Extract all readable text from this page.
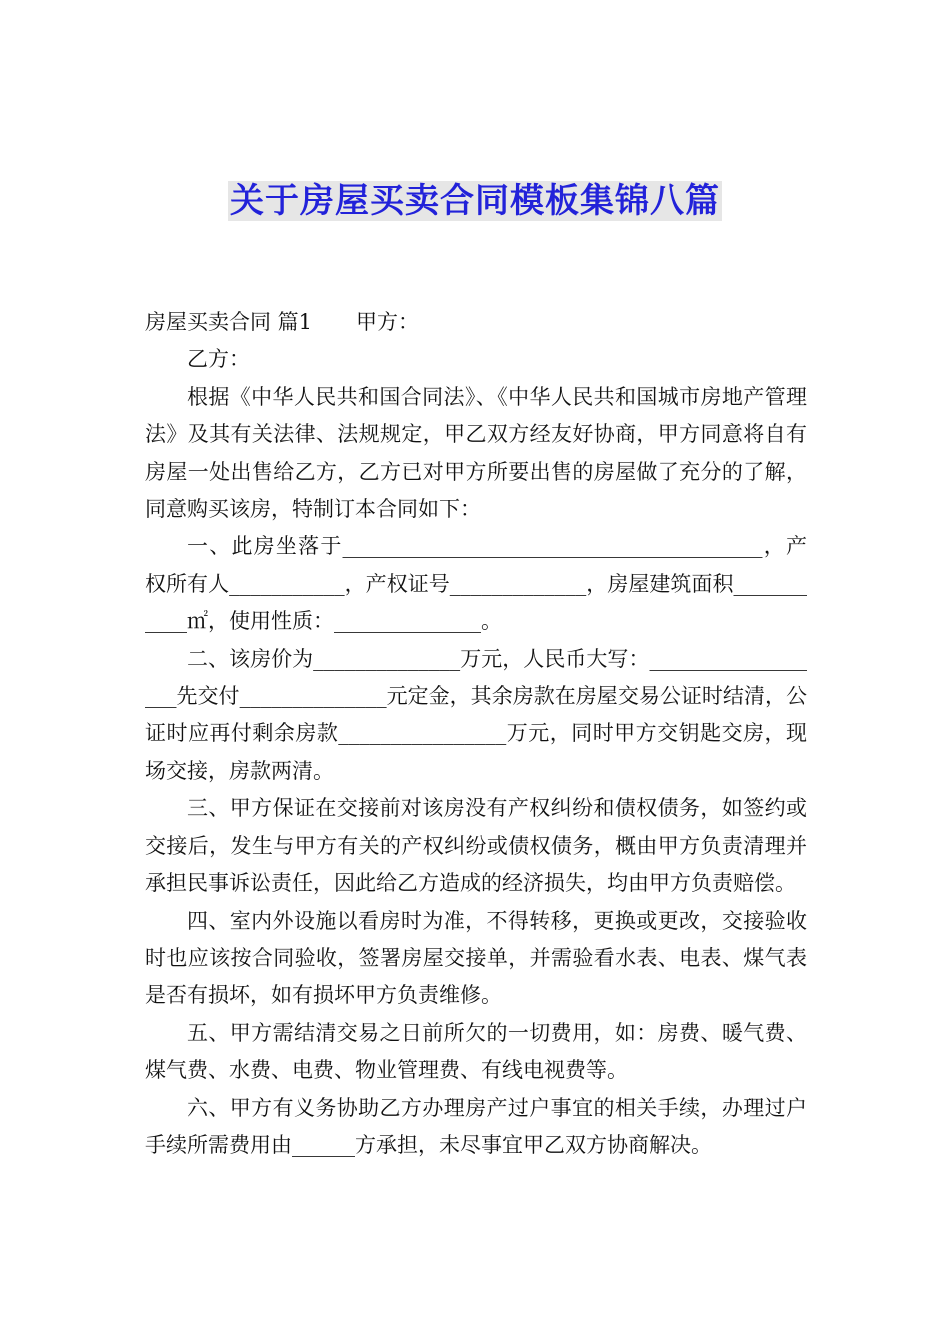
关于房屋买卖合同模板集锦八篇

房屋买卖合同 篇1 甲方：

乙方：

根据《中华人民共和国合同法》、《中华人民共和国城市房地产管理法》及其有关法律、法规规定，甲乙双方经友好协商，甲方同意将自有房屋一处出售给乙方，乙方已对甲方所要出售的房屋做了充分的了解，同意购买该房，特制订本合同如下：

一、此房坐落于________________________________________，产权所有人___________，产权证号_____________，房屋建筑面积___________㎡，使用性质：______________。

二、该房价为______________万元，人民币大写：__________________先交付______________元定金，其余房款在房屋交易公证时结清，公证时应再付剩余房款________________万元，同时甲方交钥匙交房，现场交接，房款两清。

三、甲方保证在交接前对该房没有产权纠纷和债权债务，如签约或交接后，发生与甲方有关的产权纠纷或债权债务，概由甲方负责清理并承担民事诉讼责任，因此给乙方造成的经济损失，均由甲方负责赔偿。

四、室内外设施以看房时为准，不得转移，更换或更改，交接验收时也应该按合同验收，签署房屋交接单，并需验看水表、电表、煤气表是否有损坏，如有损坏甲方负责维修。

五、甲方需结清交易之日前所欠的一切费用，如：房费、暖气费、煤气费、水费、电费、物业管理费、有线电视费等。

六、甲方有义务协助乙方办理房产过户事宜的相关手续，办理过户手续所需费用由______方承担，未尽事宜甲乙双方协商解决。
